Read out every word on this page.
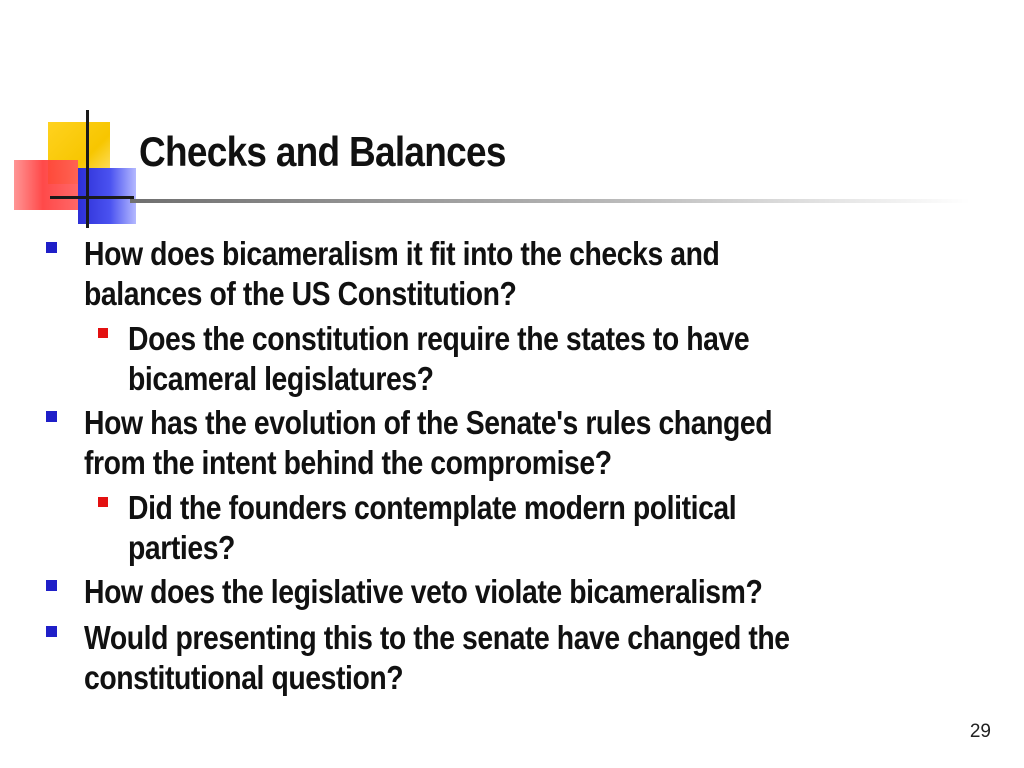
Checks and Balances
How does bicameralism it fit into the checks and
balances of the US Constitution?
Does the constitution require the states to have
bicameral legislatures?
How has the evolution of the Senate's rules changed
from the intent behind the compromise?
Did the founders contemplate modern political
parties?
How does the legislative veto violate bicameralism?
Would presenting this to the senate have changed the
constitutional question?
29
